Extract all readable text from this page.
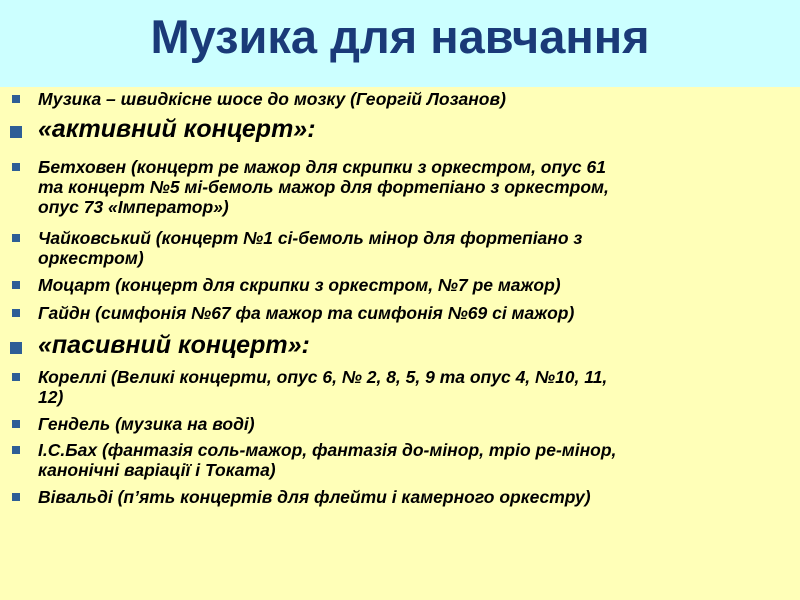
Музика для навчання
Музика – швидкісне шосе до мозку (Георгій Лозанов)
«активний концерт»:
Бетховен (концерт ре мажор для скрипки з оркестром, опус 61
та концерт №5 мі-бемоль мажор для фортепіано з оркестром,
опус 73 «Імператор»)
Чайковський (концерт №1 сі-бемоль мінор для фортепіано з
оркестром)
Моцарт (концерт для скрипки з оркестром, №7 ре мажор)
Гайдн (симфонія №67 фа мажор та симфонія №69 сі мажор)
«пасивний концерт»:
Кореллі (Великі концерти, опус 6, № 2, 8, 5, 9 та опус 4, №10, 11,
12)
Гендель (музика на воді)
І.С.Бах (фантазія соль-мажор, фантазія до-мінор, тріо ре-мінор,
канонічні варіації і Токата)
Вівальді (п’ять концертів для флейти і камерного оркестру)
